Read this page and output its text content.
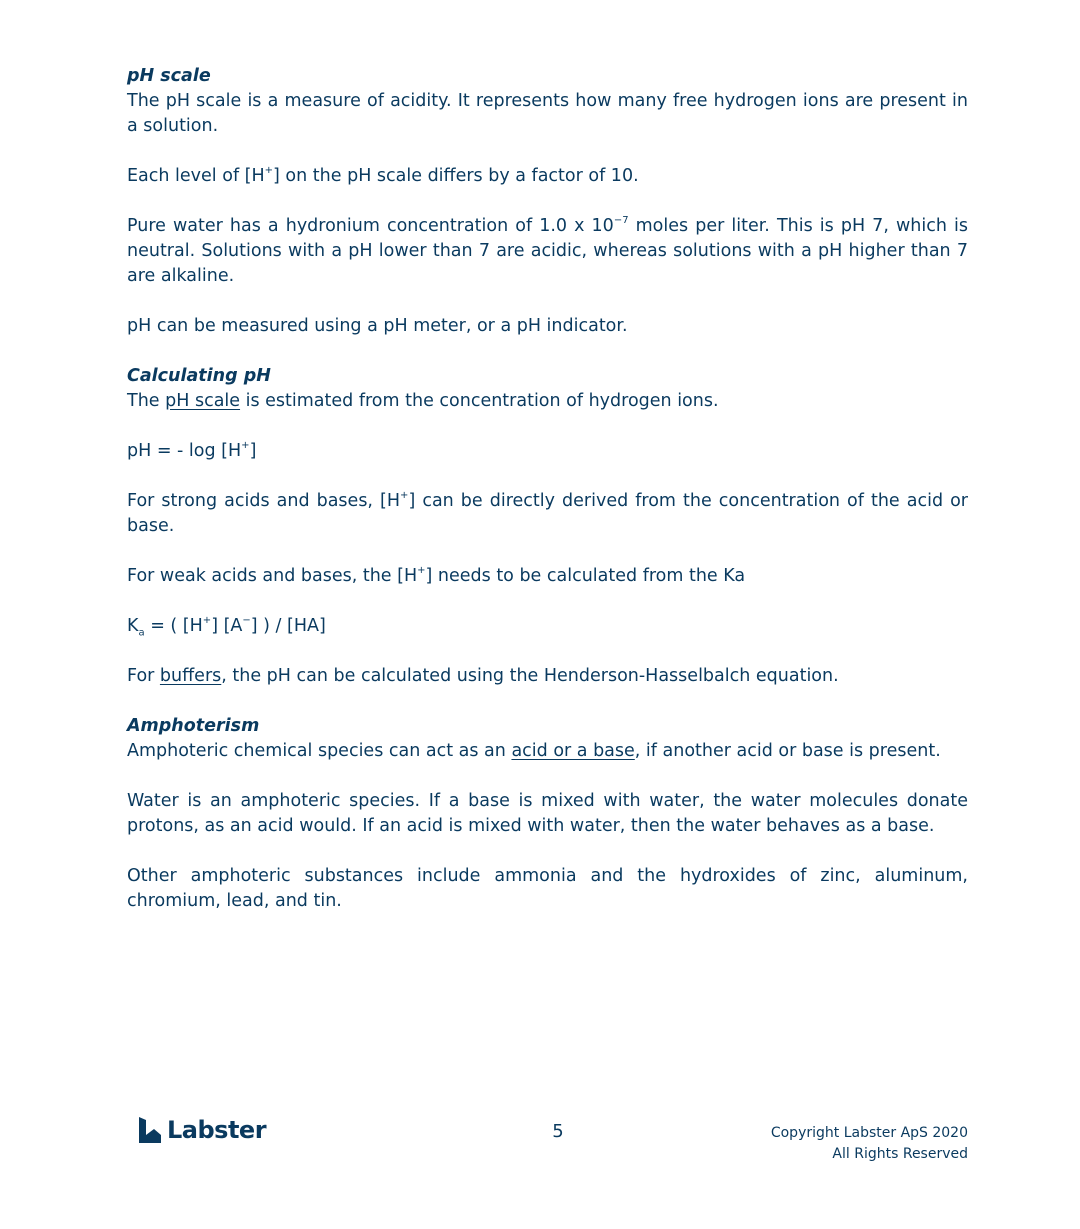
pH scale
The pH scale is a measure of acidity. It represents how many free hydrogen ions are present in a solution.

Each level of [H+] on the pH scale differs by a factor of 10.

Pure water has a hydronium concentration of 1.0 x $10^{-7}$ moles per liter. This is pH 7, which is neutral. Solutions with a pH lower than 7 are acidic, whereas solutions with a pH higher than 7 are alkaline.

pH can be measured using a pH meter, or a pH indicator.

Calculating pH
The pH scale is estimated from the concentration of hydrogen ions.

pH = - log [H+]

For strong acids and bases, [H+] can be directly derived from the concentration of the acid or base.

For weak acids and bases, the [H+] needs to be calculated from the Ka

$K_a$ = ( [H+] [A−] ) / [HA]

For buffers, the pH can be calculated using the Henderson-Hasselbalch equation.

Amphoterism
Amphoteric chemical species can act as an acid or a base, if another acid or base is present.

Water is an amphoteric species. If a base is mixed with water, the water molecules donate protons, as an acid would. If an acid is mixed with water, then the water behaves as a base.

Other amphoteric substances include ammonia and the hydroxides of zinc, aluminum, chromium, lead, and tin.

Labster	5	Copyright Labster ApS 2020
All Rights Reserved
